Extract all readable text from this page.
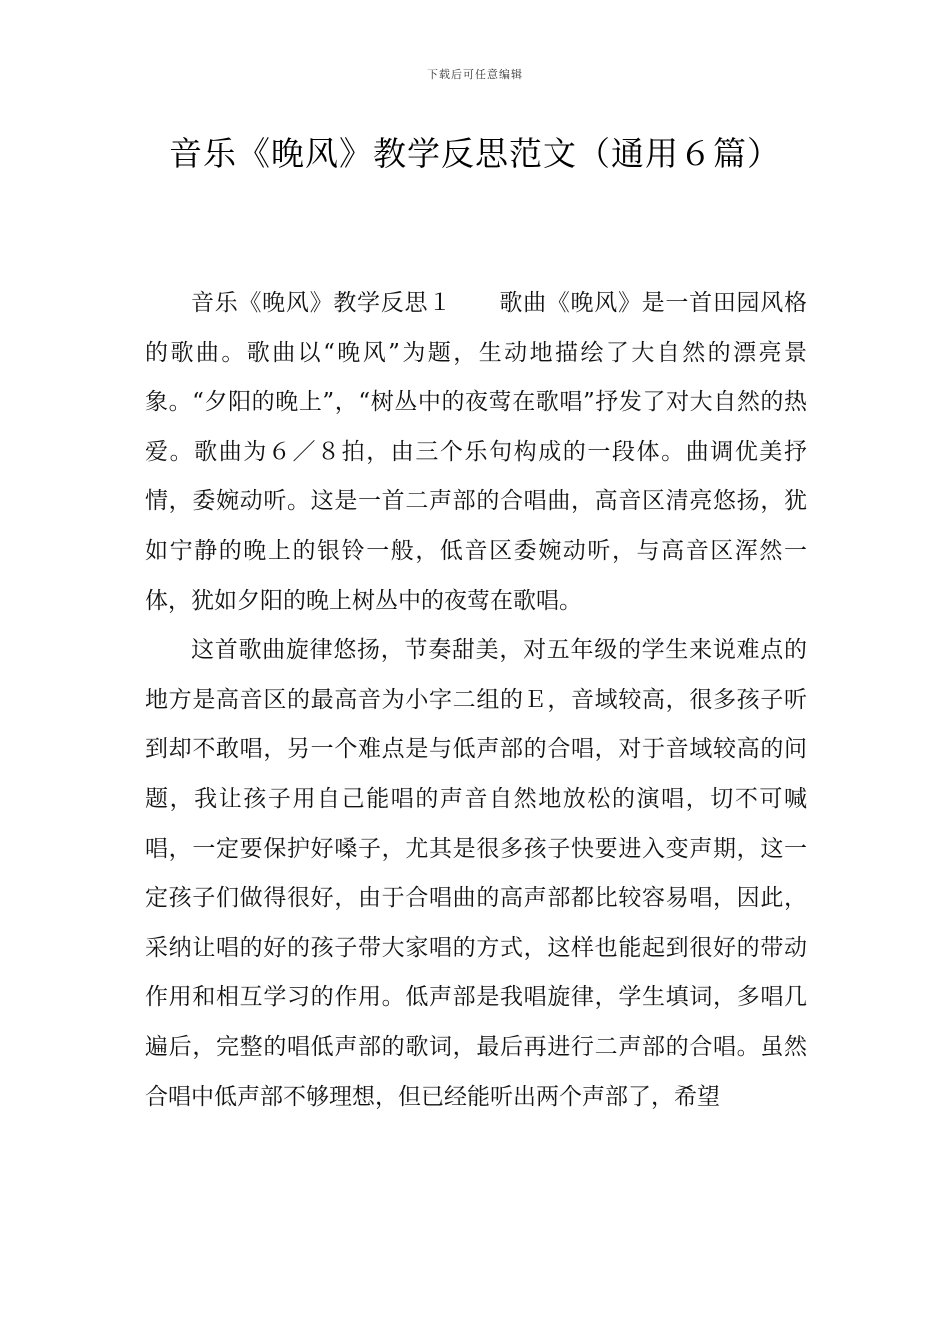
下载后可任意编辑
音乐《晚风》教学反思范文（通用６篇）

音乐《晚风》教学反思１　　歌曲《晚风》是一首田园风格的歌曲。歌曲以“晚风”为题，生动地描绘了大自然的漂亮景象。“夕阳的晚上”，“树丛中的夜莺在歌唱”抒发了对大自然的热爱。歌曲为６／８拍，由三个乐句构成的一段体。曲调优美抒情，委婉动听。这是一首二声部的合唱曲，高音区清亮悠扬，犹如宁静的晚上的银铃一般，低音区委婉动听，与高音区浑然一体，犹如夕阳的晚上树丛中的夜莺在歌唱。

这首歌曲旋律悠扬，节奏甜美，对五年级的学生来说难点的地方是高音区的最高音为小字二组的Ｅ，音域较高，很多孩子听到却不敢唱，另一个难点是与低声部的合唱，对于音域较高的问题，我让孩子用自己能唱的声音自然地放松的演唱，切不可喊唱，一定要保护好嗓子，尤其是很多孩子快要进入变声期，这一定孩子们做得很好，由于合唱曲的高声部都比较容易唱，因此，采纳让唱的好的孩子带大家唱的方式，这样也能起到很好的带动作用和相互学习的作用。低声部是我唱旋律，学生填词，多唱几遍后，完整的唱低声部的歌词，最后再进行二声部的合唱。虽然合唱中低声部不够理想，但已经能听出两个声部了，希望
